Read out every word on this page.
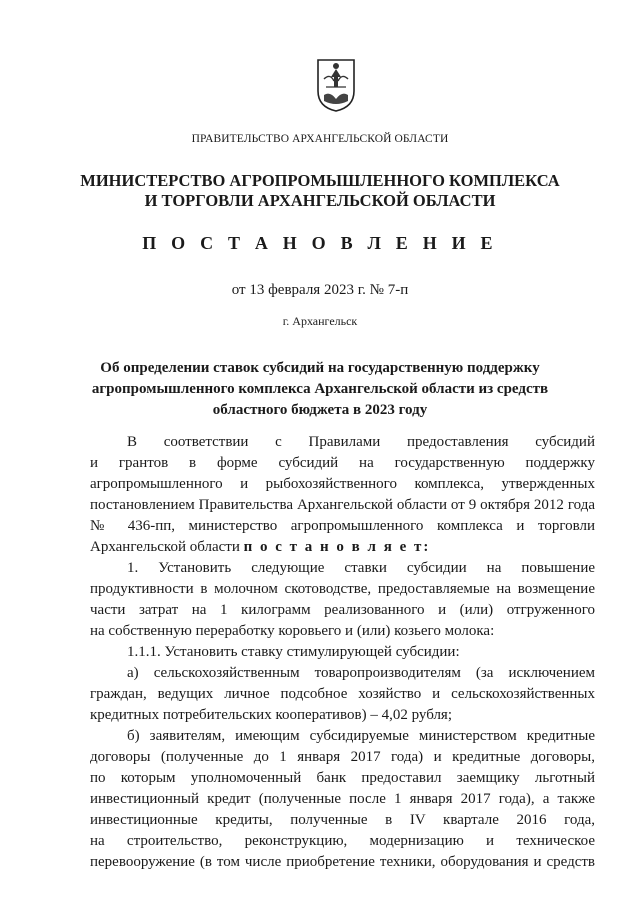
ПРАВИТЕЛЬСТВО АРХАНГЕЛЬСКОЙ ОБЛАСТИ
МИНИСТЕРСТВО АГРОПРОМЫШЛЕННОГО КОМПЛЕКСА
И ТОРГОВЛИ АРХАНГЕЛЬСКОЙ ОБЛАСТИ
П О С Т А Н О В Л Е Н И Е
от 13 февраля 2023 г. № 7-п
г. Архангельск
Об определении ставок субсидий на государственную поддержку
агропромышленного комплекса Архангельской области из средств
областного бюджета в 2023 году
В соответствии с Правилами предоставления субсидий
и грантов в форме субсидий на государственную поддержку
агропромышленного и рыбохозяйственного комплекса, утвержденных
постановлением Правительства Архангельской области от 9 октября 2012 года
№ 436-пп, министерство агропромышленного комплекса и торговли
Архангельской области п о с т а н о в л я е т:
1. Установить следующие ставки субсидии на повышение
продуктивности в молочном скотоводстве, предоставляемые на возмещение
части затрат на 1 килограмм реализованного и (или) отгруженного
на собственную переработку коровьего и (или) козьего молока:
1.1.1. Установить ставку стимулирующей субсидии:
а) сельскохозяйственным товаропроизводителям (за исключением
граждан, ведущих личное подсобное хозяйство и сельскохозяйственных
кредитных потребительских кооперативов) – 4,02 рубля;
б) заявителям, имеющим субсидируемые министерством кредитные
договоры (полученные до 1 января 2017 года) и кредитные договоры,
по которым уполномоченный банк предоставил заемщику льготный
инвестиционный кредит (полученные после 1 января 2017 года), а также
инвестиционные кредиты, полученные в IV квартале 2016 года,
на строительство, реконструкцию, модернизацию и техническое
перевооружение (в том числе приобретение техники, оборудования и средств
